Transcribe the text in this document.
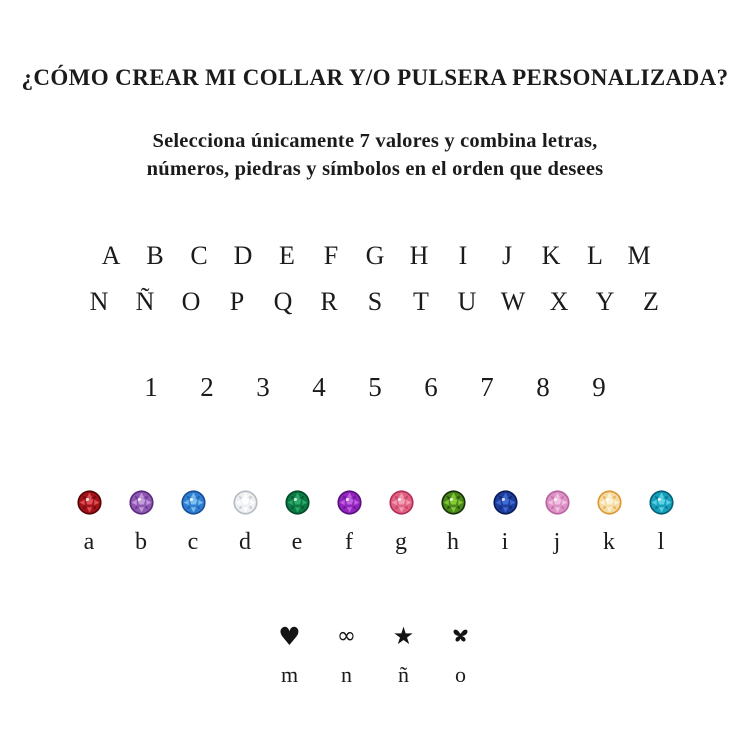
¿CÓMO CREAR MI COLLAR Y/O PULSERA PERSONALIZADA?
Selecciona únicamente 7 valores y combina letras,
números, piedras y símbolos en el orden que desees
A B	C D	E	F	G H	I	J	K	L M
N	Ñ	O	P	Q	R	S	T	U W X	Y	Z
1	2	3	4	5	6	7	8	9
a	b	c	d	e	f	g	h	i	j	k	l
♥ ∞ ★
m	n	ñ	o
